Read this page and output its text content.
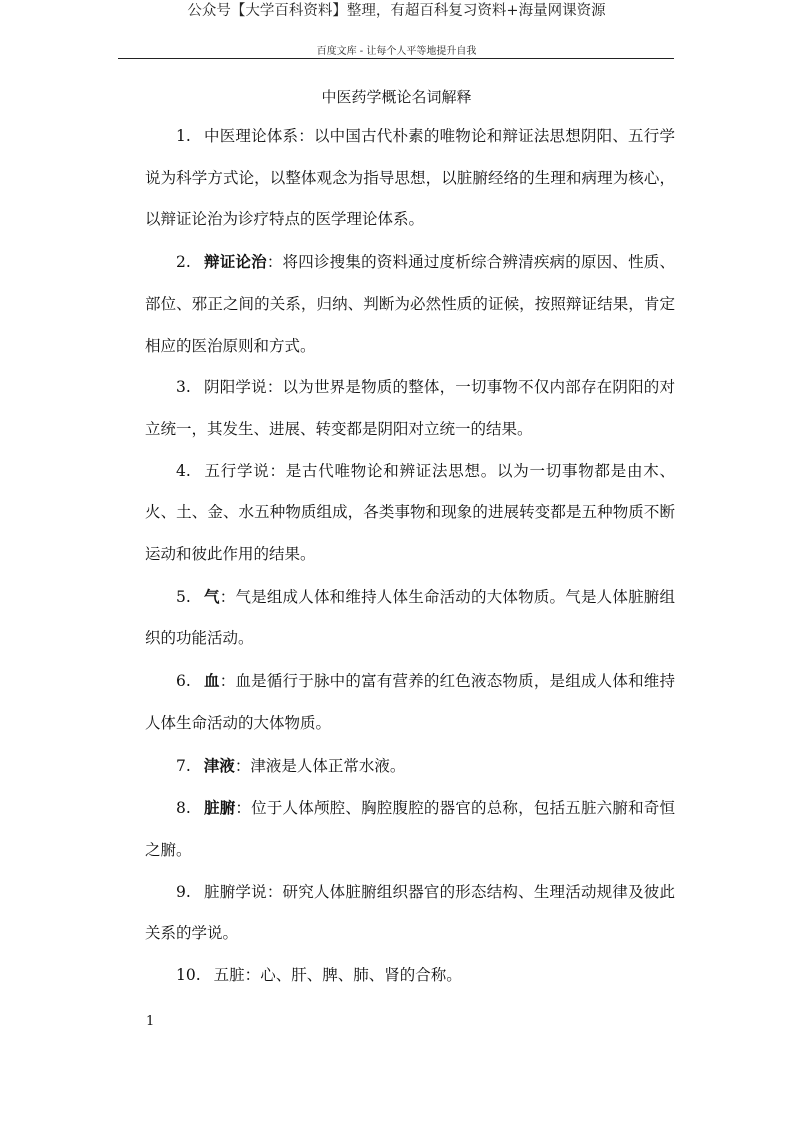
公众号【大学百科资料】整理，有超百科复习资料+海量网课资源
百度文库 - 让每个人平等地提升自我
中医药学概论名词解释

1. 中医理论体系：以中国古代朴素的唯物论和辩证法思想阴阳、五行学说为科学方式论，以整体观念为指导思想，以脏腑经络的生理和病理为核心，以辩证论治为诊疗特点的医学理论体系。

2. 辩证论治：将四诊搜集的资料通过度析综合辨清疾病的原因、性质、部位、邪正之间的关系，归纳、判断为必然性质的证候，按照辩证结果，肯定相应的医治原则和方式。

3. 阴阳学说：以为世界是物质的整体，一切事物不仅内部存在阴阳的对立统一，其发生、进展、转变都是阴阳对立统一的结果。

4. 五行学说：是古代唯物论和辨证法思想。以为一切事物都是由木、火、土、金、水五种物质组成，各类事物和现象的进展转变都是五种物质不断运动和彼此作用的结果。

5. 气：气是组成人体和维持人体生命活动的大体物质。气是人体脏腑组织的功能活动。

6. 血：血是循行于脉中的富有营养的红色液态物质，是组成人体和维持人体生命活动的大体物质。

7. 津液：津液是人体正常水液。

8. 脏腑：位于人体颅腔、胸腔腹腔的器官的总称，包括五脏六腑和奇恒之腑。

9. 脏腑学说：研究人体脏腑组织器官的形态结构、生理活动规律及彼此关系的学说。

10. 五脏：心、肝、脾、肺、肾的合称。

1
